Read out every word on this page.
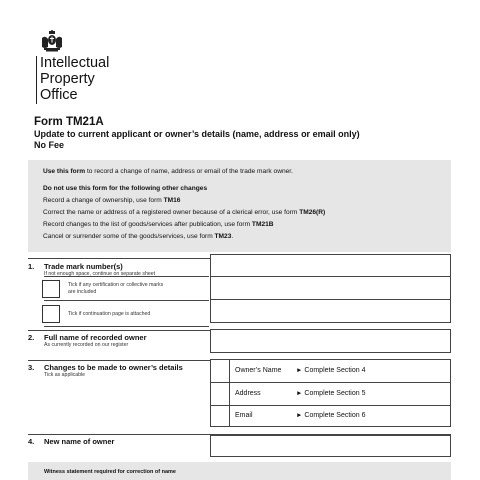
Intellectual
Property
Office
Form TM21A
Update to current applicant or owner’s details (name, address or email only)
No Fee

Use this form to record a change of name, address or email of the trade mark owner.

Do not use this form for the following other changes

Record a change of ownership, use form TM16

Correct the name or address of a registered owner because of a clerical error, use form TM26(R)

Record changes to the list of goods/services after publication, use form TM21B

Cancel or surrender some of the goods/services, use form TM23.

1. Trade mark number(s)
If not enough space, continue on separate sheet
Tick if any certification or collective marks
are included
Tick if continuation page is attached
2. Full name of recorded owner
As currently recorded on our register
3. Changes to be made to owner’s details
Tick as applicable
Owner’s Name ► Complete Section 4
Address	► Complete Section 5
Email	► Complete Section 6
4. New name of owner
Witness statement required for correction of name
